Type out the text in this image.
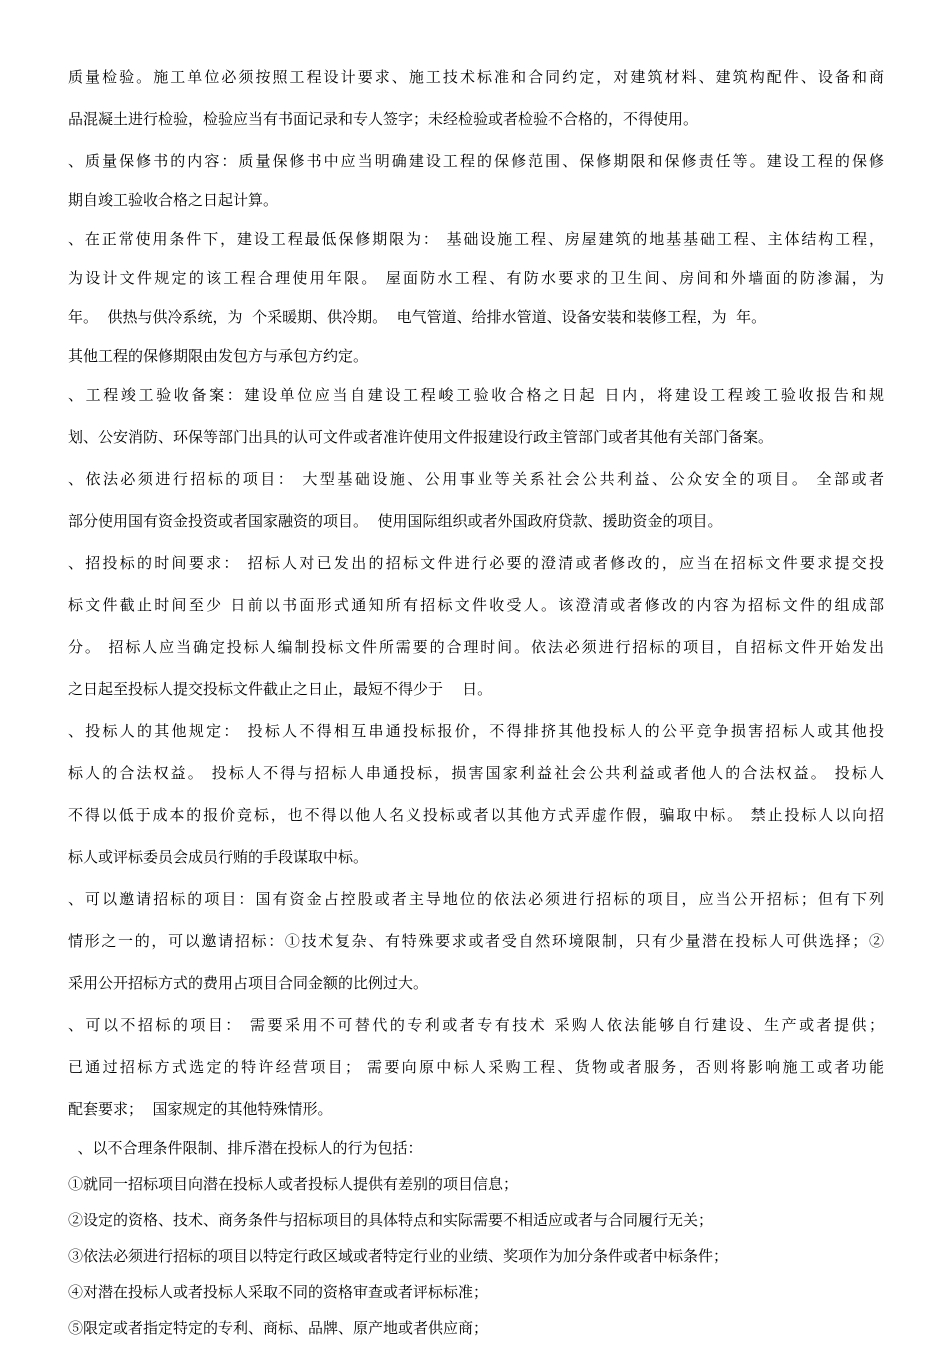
质量检验。施工单位必须按照工程设计要求、施工技术标准和合同约定，对建筑材料、建筑构配件、设备和商
品混凝土进行检验，检验应当有书面记录和专人签字；未经检验或者检验不合格的，不得使用。
、质量保修书的内容：质量保修书中应当明确建设工程的保修范围、保修期限和保修责任等。建设工程的保修
期自竣工验收合格之日起计算。
、在正常使用条件下，建设工程最低保修期限为： 基础设施工程、房屋建筑的地基基础工程、主体结构工程，
为设计文件规定的该工程合理使用年限。 屋面防水工程、有防水要求的卫生间、房间和外墙面的防渗漏，为
年。  供热与供冷系统，为  个采暖期、供冷期。  电气管道、给排水管道、设备安装和装修工程，为  年。
其他工程的保修期限由发包方与承包方约定。
、工程竣工验收备案：建设单位应当自建设工程峻工验收合格之日起 日内，将建设工程竣工验收报告和规
划、公安消防、环保等部门出具的认可文件或者准许使用文件报建设行政主管部门或者其他有关部门备案。
、依法必须进行招标的项目： 大型基础设施、公用事业等关系社会公共利益、公众安全的项目。 全部或者
部分使用国有资金投资或者国家融资的项目。  使用国际组织或者外国政府贷款、援助资金的项目。
、招投标的时间要求： 招标人对已发出的招标文件进行必要的澄清或者修改的，应当在招标文件要求提交投
标文件截止时间至少 日前以书面形式通知所有招标文件收受人。该澄清或者修改的内容为招标文件的组成部
分。 招标人应当确定投标人编制投标文件所需要的合理时间。依法必须进行招标的项目，自招标文件开始发出
之日起至投标人提交投标文件截止之日止，最短不得少于    日。
、投标人的其他规定： 投标人不得相互串通投标报价，不得排挤其他投标人的公平竞争损害招标人或其他投
标人的合法权益。 投标人不得与招标人串通投标，损害国家利益社会公共利益或者他人的合法权益。 投标人
不得以低于成本的报价竞标，也不得以他人名义投标或者以其他方式弄虚作假，骗取中标。 禁止投标人以向招
标人或评标委员会成员行贿的手段谋取中标。
、可以邀请招标的项目：国有资金占控股或者主导地位的依法必须进行招标的项目，应当公开招标；但有下列
情形之一的，可以邀请招标：①技术复杂、有特殊要求或者受自然环境限制，只有少量潜在投标人可供选择；②
采用公开招标方式的费用占项目合同金额的比例过大。
、可以不招标的项目： 需要采用不可替代的专利或者专有技术 采购人依法能够自行建设、生产或者提供；
已通过招标方式选定的特许经营项目； 需要向原中标人采购工程、货物或者服务，否则将影响施工或者功能
配套要求；  国家规定的其他特殊情形。
、以不合理条件限制、排斥潜在投标人的行为包括：
①就同一招标项目向潜在投标人或者投标人提供有差别的项目信息；
②设定的资格、技术、商务条件与招标项目的具体特点和实际需要不相适应或者与合同履行无关；
③依法必须进行招标的项目以特定行政区域或者特定行业的业绩、奖项作为加分条件或者中标条件；
④对潜在投标人或者投标人采取不同的资格审查或者评标标准；
⑤限定或者指定特定的专利、商标、品牌、原产地或者供应商；
